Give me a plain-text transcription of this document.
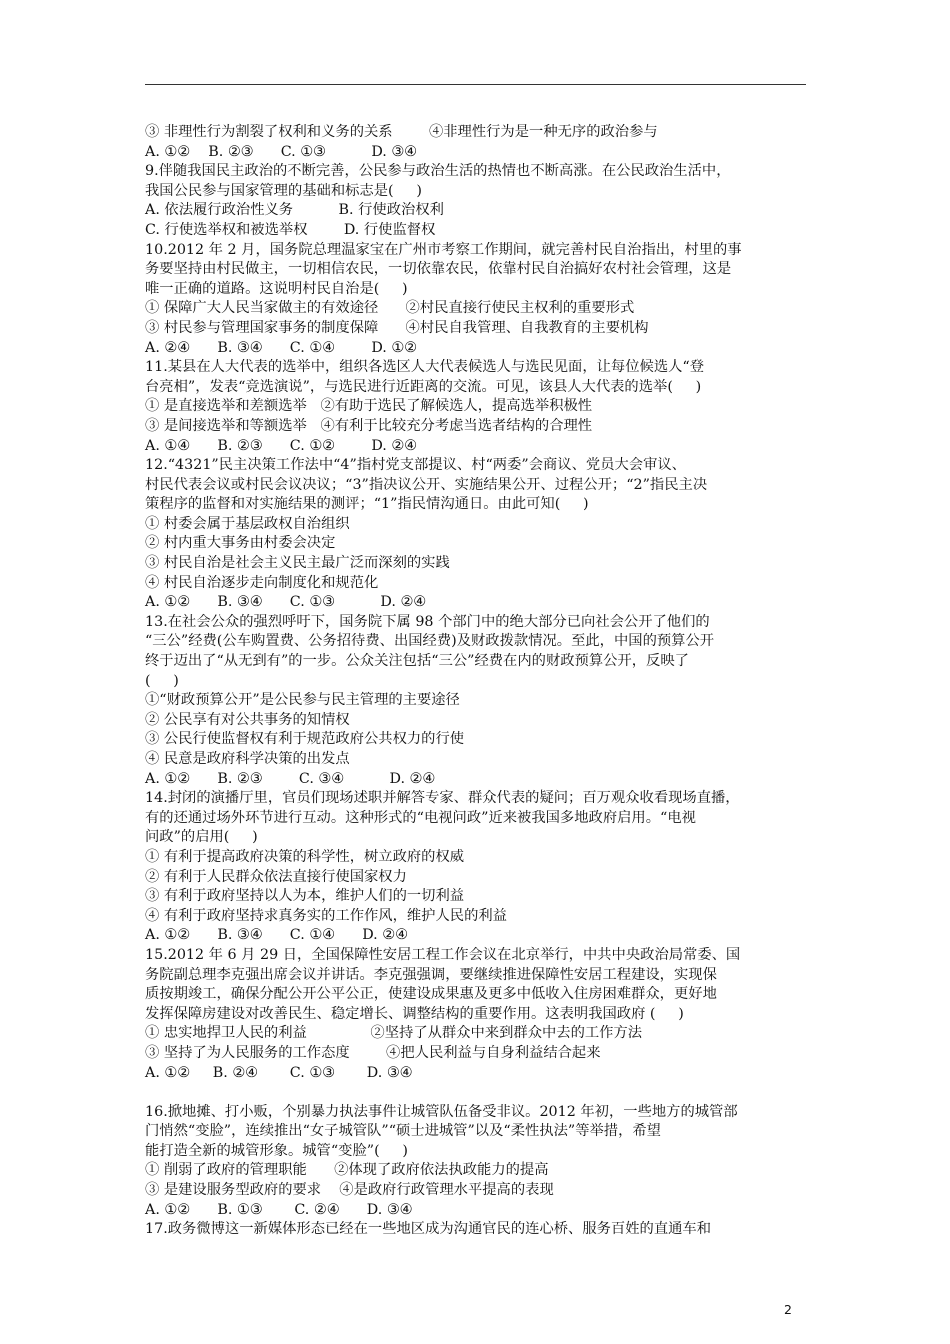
③ 非理性行为割裂了权利和义务的关系        ④非理性行为是一种无序的政治参与
A. ①②    B. ②③      C. ①③          D. ③④
9.伴随我国民主政治的不断完善，公民参与政治生活的热情也不断高涨。在公民政治生活中，
我国公民参与国家管理的基础和标志是(     )
A. 依法履行政治性义务          B. 行使政治权利
C. 行使选举权和被选举权        D. 行使监督权
10.2012 年 2 月，国务院总理温家宝在广州市考察工作期间，就完善村民自治指出，村里的事
务要坚持由村民做主，一切相信农民，一切依靠农民，依靠村民自治搞好农村社会管理，这是
唯一正确的道路。这说明村民自治是(     )
① 保障广大人民当家做主的有效途径      ②村民直接行使民主权利的重要形式
③ 村民参与管理国家事务的制度保障      ④村民自我管理、自我教育的主要机构
A. ②④      B. ③④      C. ①④        D. ①②
11.某县在人大代表的选举中，组织各选区人大代表候选人与选民见面，让每位候选人“登
台亮相”，发表“竞选演说”，与选民进行近距离的交流。可见，该县人大代表的选举(     )
① 是直接选举和差额选举   ②有助于选民了解候选人，提高选举积极性
③ 是间接选举和等额选举   ④有利于比较充分考虑当选者结构的合理性
A. ①④      B. ②③      C. ①②        D. ②④
12.“4321”民主决策工作法中“4”指村党支部提议、村“两委”会商议、党员大会审议、
村民代表会议或村民会议决议；“3”指决议公开、实施结果公开、过程公开；“2”指民主决
策程序的监督和对实施结果的测评；“1”指民情沟通日。由此可知(     )
① 村委会属于基层政权自治组织
② 村内重大事务由村委会决定
③ 村民自治是社会主义民主最广泛而深刻的实践
④ 村民自治逐步走向制度化和规范化
A. ①②      B. ③④      C. ①③          D. ②④
13.在社会公众的强烈呼吁下，国务院下属 98 个部门中的绝大部分已向社会公开了他们的
“三公”经费(公车购置费、公务招待费、出国经费)及财政拨款情况。至此，中国的预算公开
终于迈出了“从无到有”的一步。公众关注包括“三公”经费在内的财政预算公开，反映了
(     )
①“财政预算公开”是公民参与民主管理的主要途径
② 公民享有对公共事务的知情权
③ 公民行使监督权有利于规范政府公共权力的行使
④ 民意是政府科学决策的出发点
A. ①②      B. ②③        C. ③④          D. ②④
14.封闭的演播厅里，官员们现场述职并解答专家、群众代表的疑问；百万观众收看现场直播，
有的还通过场外环节进行互动。这种形式的“电视问政”近来被我国多地政府启用。“电视
问政”的启用(     )
① 有利于提高政府决策的科学性，树立政府的权威
② 有利于人民群众依法直接行使国家权力
③ 有利于政府坚持以人为本，维护人们的一切利益
④ 有利于政府坚持求真务实的工作作风，维护人民的利益
A. ①②      B. ③④      C. ①④      D. ②④
15.2012 年 6 月 29 日，全国保障性安居工程工作会议在北京举行，中共中央政治局常委、国
务院副总理李克强出席会议并讲话。李克强强调，要继续推进保障性安居工程建设，实现保
质按期竣工，确保分配公开公平公正，使建设成果惠及更多中低收入住房困难群众，更好地
发挥保障房建设对改善民生、稳定增长、调整结构的重要作用。这表明我国政府 (     )
① 忠实地捍卫人民的利益              ②坚持了从群众中来到群众中去的工作方法
③ 坚持了为人民服务的工作态度        ④把人民利益与自身利益结合起来
A. ①②     B. ②④       C. ①③       D. ③④
16.掀地摊、打小贩，个别暴力执法事件让城管队伍备受非议。2012 年初，一些地方的城管部
门悄然“变脸”，连续推出“女子城管队”“硕士进城管”以及“柔性执法”等举措，希望
能打造全新的城管形象。城管“变脸”(     )
① 削弱了政府的管理职能      ②体现了政府依法执政能力的提高
③ 是建设服务型政府的要求    ④是政府行政管理水平提高的表现
A. ①②      B. ①③       C. ②④      D. ③④
17.政务微博这一新媒体形态已经在一些地区成为沟通官民的连心桥、服务百姓的直通车和
2
